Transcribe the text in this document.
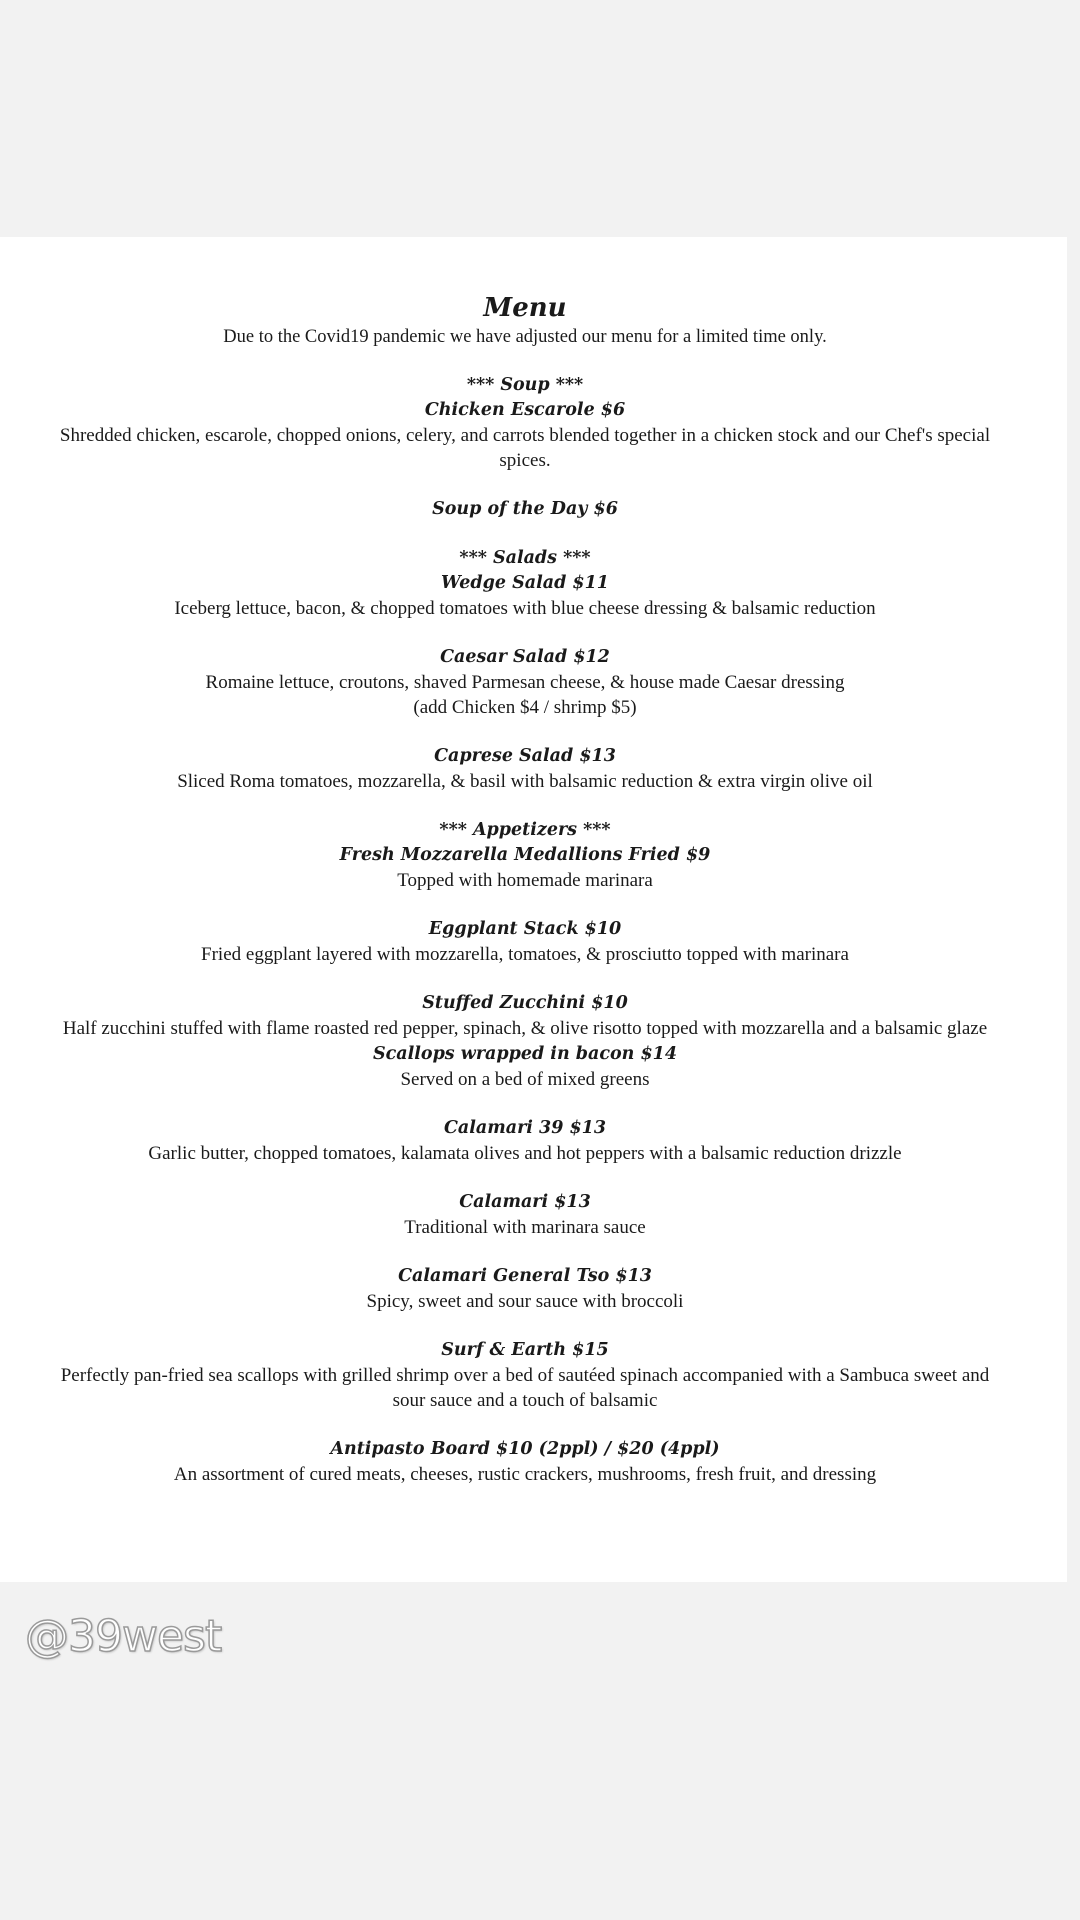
Menu
Due to the Covid19 pandemic we have adjusted our menu for a limited time only.
*** Soup ***
Chicken Escarole $6
Shredded chicken, escarole, chopped onions, celery, and carrots blended together in a chicken stock and our Chef's special spices.
Soup of the Day $6
*** Salads ***
Wedge Salad $11
Iceberg lettuce, bacon, & chopped tomatoes with blue cheese dressing & balsamic reduction
Caesar Salad $12
Romaine lettuce, croutons, shaved Parmesan cheese, & house made Caesar dressing
(add Chicken $4 / shrimp $5)
Caprese Salad $13
Sliced Roma tomatoes, mozzarella, & basil with balsamic reduction & extra virgin olive oil
*** Appetizers ***
Fresh Mozzarella Medallions Fried $9
Topped with homemade marinara
Eggplant Stack $10
Fried eggplant layered with mozzarella, tomatoes, & prosciutto topped with marinara
Stuffed Zucchini $10
Half zucchini stuffed with flame roasted red pepper, spinach, & olive risotto topped with mozzarella and a balsamic glaze
Scallops wrapped in bacon $14
Served on a bed of mixed greens
Calamari 39 $13
Garlic butter, chopped tomatoes, kalamata olives and hot peppers with a balsamic reduction drizzle
Calamari $13
Traditional with marinara sauce
Calamari General Tso $13
Spicy, sweet and sour sauce with broccoli
Surf & Earth $15
Perfectly pan-fried sea scallops with grilled shrimp over a bed of sautéed spinach accompanied with a Sambuca sweet and sour sauce and a touch of balsamic
Antipasto Board $10 (2ppl) / $20 (4ppl)
An assortment of cured meats, cheeses, rustic crackers, mushrooms, fresh fruit, and dressing
@39west
